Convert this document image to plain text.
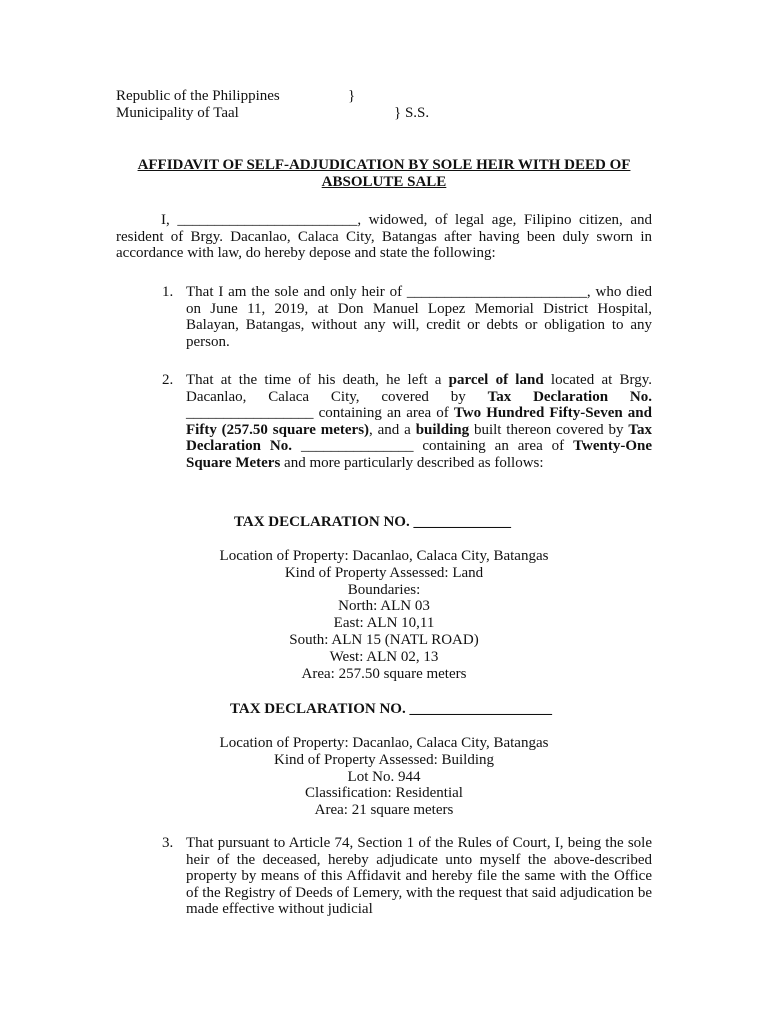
Republic of the Philippines	}
Municipality of Taal	} S.S.
AFFIDAVIT OF SELF-ADJUDICATION BY SOLE HEIR WITH DEED OF ABSOLUTE SALE
I, ________________________, widowed, of legal age, Filipino citizen, and resident of Brgy. Dacanlao, Calaca City, Batangas after having been duly sworn in accordance with law, do hereby depose and state the following:
1. That I am the sole and only heir of ________________________, who died on June 11, 2019, at Don Manuel Lopez Memorial District Hospital, Balayan, Batangas, without any will, credit or debts or obligation to any person.
2. That at the time of his death, he left a parcel of land located at Brgy. Dacanlao, Calaca City, covered by Tax Declaration No. _________________ containing an area of Two Hundred Fifty-Seven and Fifty (257.50 square meters), and a building built thereon covered by Tax Declaration No. _______________ containing an area of Twenty-One Square Meters and more particularly described as follows:
TAX DECLARATION NO. _____________
Location of Property: Dacanlao, Calaca City, Batangas
Kind of Property Assessed: Land
Boundaries:
North: ALN 03
East: ALN 10,11
South: ALN 15 (NATL ROAD)
West: ALN 02, 13
Area: 257.50 square meters
TAX DECLARATION NO. ___________________
Location of Property: Dacanlao, Calaca City, Batangas
Kind of Property Assessed: Building
Lot No. 944
Classification: Residential
Area: 21 square meters
3. That pursuant to Article 74, Section 1 of the Rules of Court, I, being the sole heir of the deceased, hereby adjudicate unto myself the above-described property by means of this Affidavit and hereby file the same with the Office of the Registry of Deeds of Lemery, with the request that said adjudication be made effective without judicial
